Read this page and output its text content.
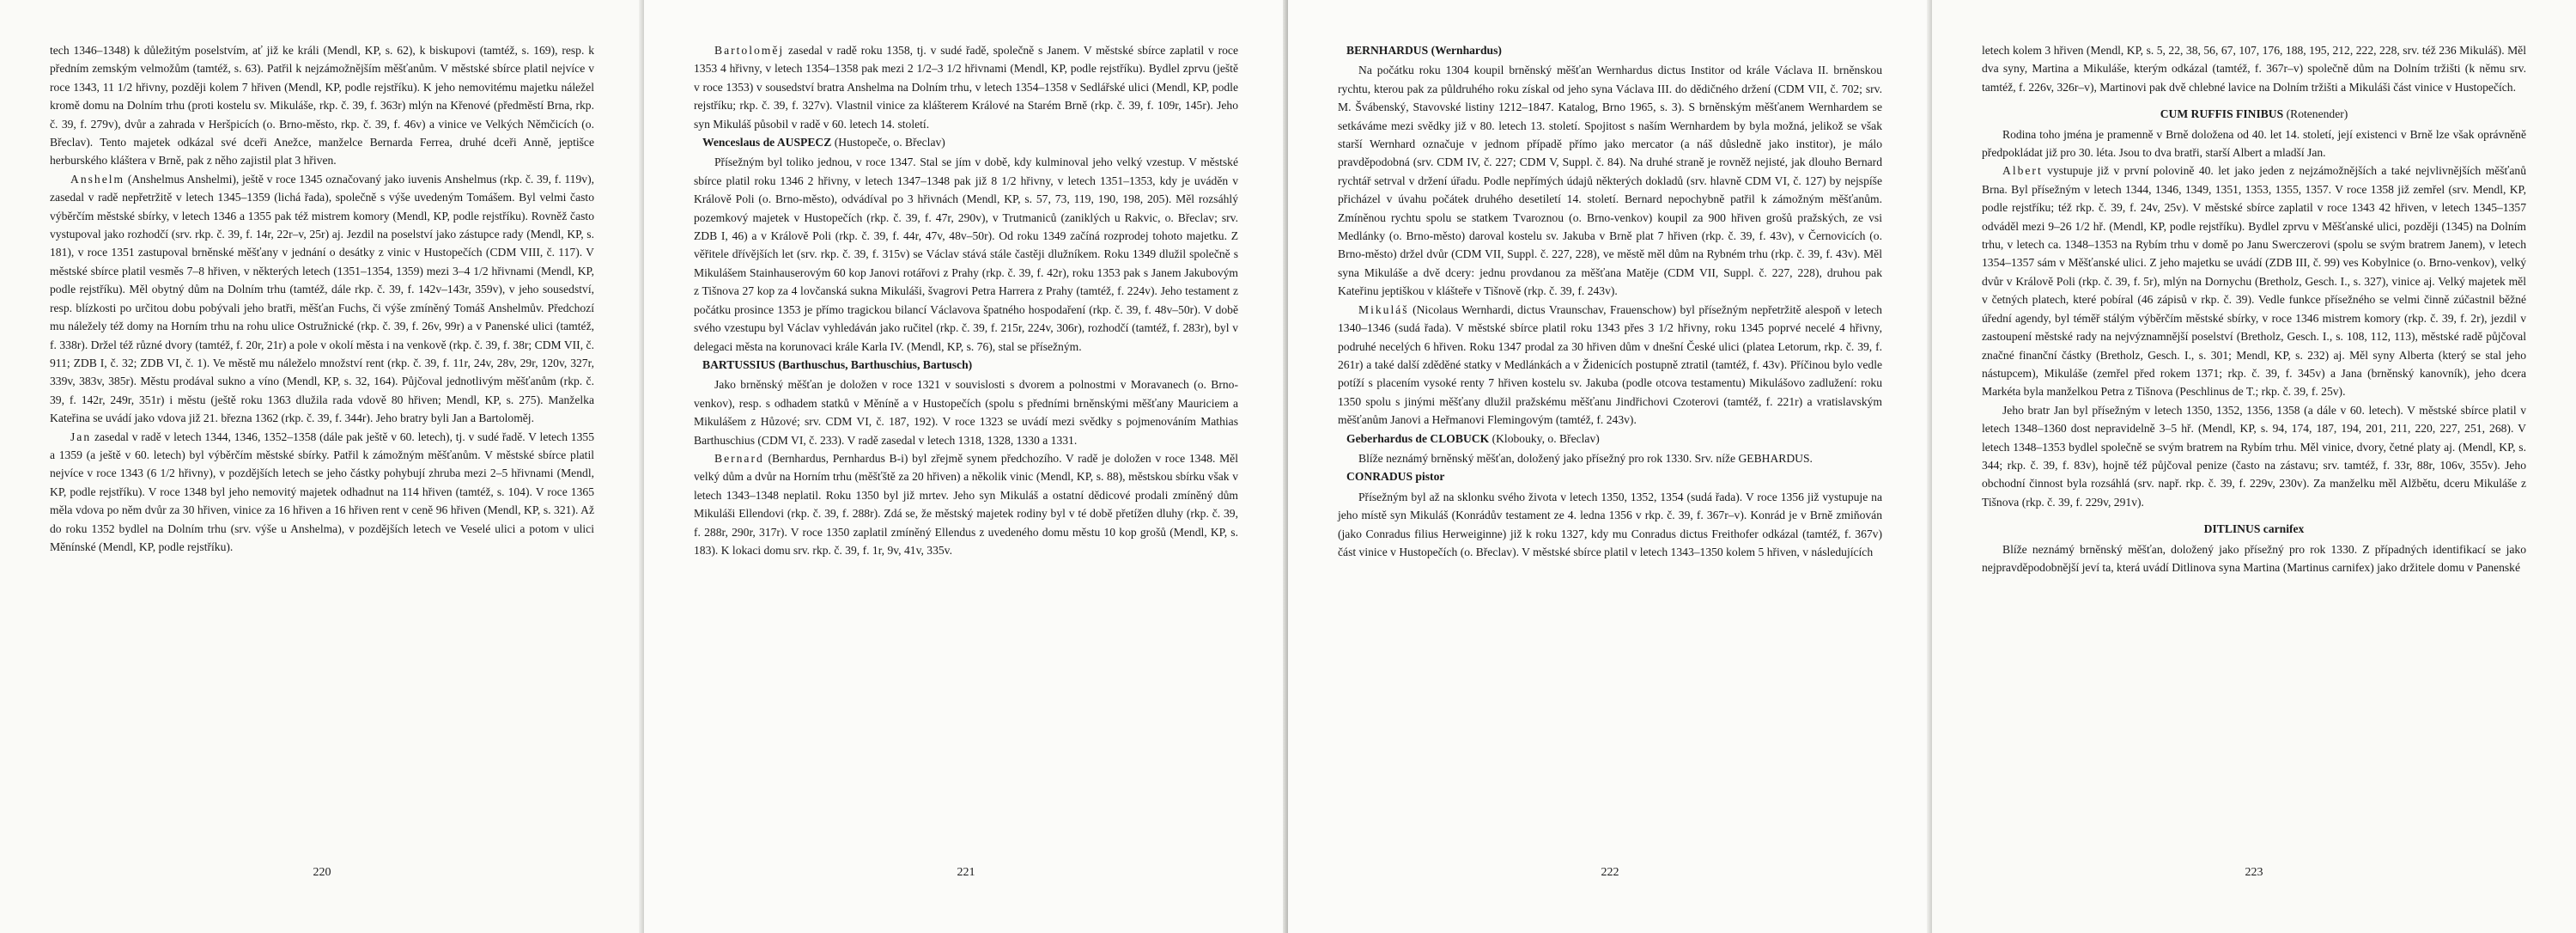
tech 1346–1348) k důležitým poselstvím, ať již ke králi (Mendl, KP, s. 62), k biskupovi (tamtéž, s. 169), resp. k předním zemským velmožům (tamtéž, s. 63). Patřil k nejzámožnějším měšťanům. V městské sbírce platil nejvíce v roce 1343, 11 1/2 hřivny, později kolem 7 hřiven (Mendl, KP, podle rejstříku). K jeho nemovitému majetku náležel kromě domu na Dolním trhu (proti kostelu sv. Mikuláše, rkp. č. 39, f. 363r) mlýn na Křenové (předměstí Brna, rkp. č. 39, f. 279v), dvůr a zahrada v Heršpicích (o. Brno-město, rkp. č. 39, f. 46v) a vinice ve Velkých Němčicích (o. Břeclav). Tento majetek odkázal své dceři Anežce, manželce Bernarda Ferrea, druhé dceři Anně, jeptišce herburského kláštera v Brně, pak z něho zajistil plat 3 hřiven.

Anshelm (Anshelmus Anshelmi), ještě v roce 1345 označovaný jako iuvenis Anshelmus (rkp. č. 39, f. 119v), zasedal v radě nepřetržitě v letech 1345–1359 (lichá řada), společně s výše uvedeným Tomášem. Byl velmi často výběrčím městské sbírky, v letech 1346 a 1355 pak též mistrem komory (Mendl, KP, podle rejstříku). Rovněž často vystupoval jako rozhodčí (srv. rkp. č. 39, f. 14r, 22r–v, 25r) aj. Jezdil na poselství jako zástupce rady (Mendl, KP, s. 181), v roce 1351 zastupoval brněnské měšťany v jednání o desátky z vinic v Hustopečích (CDM VIII, č. 117). V městské sbírce platil vesměs 7–8 hřiven, v některých letech (1351–1354, 1359) mezi 3–4 1/2 hřivnami (Mendl, KP, podle rejstříku). Měl obytný dům na Dolním trhu (tamtéž, dále rkp. č. 39, f. 142v–143r, 359v), v jeho sousedství, resp. blízkosti po určitou dobu pobývali jeho bratři, měšťan Fuchs, či výše zmíněný Tomáš Anshelmův. Předchozí mu náležely též domy na Horním trhu na rohu ulice Ostružnické (rkp. č. 39, f. 26v, 99r) a v Panenské ulici (tamtéž, f. 338r). Držel též různé dvory (tamtéž, f. 20r, 21r) a pole v okolí města i na venkově (rkp. č. 39, f. 38r; CDM VII, č. 911; ZDB I, č. 32; ZDB VI, č. 1). Ve městě mu náleželo množství rent (rkp. č. 39, f. 11r, 24v, 28v, 29r, 120v, 327r, 339v, 383v, 385r). Městu prodával sukno a víno (Mendl, KP, s. 32, 164). Půjčoval jednotlivým měšťanům (rkp. č. 39, f. 142r, 249r, 351r) i městu (ještě roku 1363 dlužila rada vdově 80 hřiven; Mendl, KP, s. 275). Manželka Kateřina se uvádí jako vdova již 21. března 1362 (rkp. č. 39, f. 344r). Jeho bratry byli Jan a Bartoloměj.

Jan zasedal v radě v letech 1344, 1346, 1352–1358 (dále pak ještě v 60. letech), tj. v sudé řadě. V letech 1355 a 1359 (a ještě v 60. letech) byl výběrčím městské sbírky. Patřil k zámožným měšťanům. V městské sbírce platil nejvíce v roce 1343 (6 1/2 hřivny), v pozdějších letech se jeho částky pohybují zhruba mezi 2–5 hřivnami (Mendl, KP, podle rejstříku). V roce 1348 byl jeho nemovitý majetek odhadnut na 114 hřiven (tamtéž, s. 104). V roce 1365 měla vdova po něm dvůr za 30 hřiven, vinice za 16 hřiven a 16 hřiven rent v ceně 96 hřiven (Mendl, KP, s. 321). Až do roku 1352 bydlel na Dolním trhu (srv. výše u Anshelma), v pozdějších letech ve Veselé ulici a potom v ulici Měnínské (Mendl, KP, podle rejstříku).

220

Bartoloměj zasedal v radě roku 1358, tj. v sudé řadě, společně s Janem. V městské sbírce zaplatil v roce 1353 4 hřivny, v letech 1354–1358 pak mezi 2 1/2–3 1/2 hřivnami (Mendl, KP, podle rejstříku). Bydlel zprvu (ještě v roce 1353) v sousedství bratra Anshelma na Dolním trhu, v letech 1354–1358 v Sedlářské ulici (Mendl, KP, podle rejstříku; rkp. č. 39, f. 327v). Vlastnil vinice za klášterem Králové na Starém Brně (rkp. č. 39, f. 109r, 145r). Jeho syn Mikuláš působil v radě v 60. letech 14. století.

Wenceslaus de AUSPECZ (Hustopeče, o. Břeclav)

Přísežným byl toliko jednou, v roce 1347. Stal se jím v době, kdy kulminoval jeho velký vzestup. V městské sbírce platil roku 1346 2 hřivny, v letech 1347–1348 pak již 8 1/2 hřivny, v letech 1351–1353, kdy je uváděn v Králově Poli (o. Brno-město), odvádíval po 3 hřivnách (Mendl, KP, s. 57, 73, 119, 190, 198, 205). Měl rozsáhlý pozemkový majetek v Hustopečích (rkp. č. 39, f. 47r, 290v), v Trutmaniců (zaniklých u Rakvic, o. Břeclav; srv. ZDB I, 46) a v Králově Poli (rkp. č. 39, f. 44r, 47v, 48v–50r). Od roku 1349 začíná rozprodej tohoto majetku. Z věřitele dřívějších let (srv. rkp. č. 39, f. 315v) se Václav stává stále častěji dlužníkem. Roku 1349 dlužil společně s Mikulášem Stainhauserovým 60 kop Janovi rotářovi z Prahy (rkp. č. 39, f. 42r), roku 1353 pak s Janem Jakubovým z Tišnova 27 kop za 4 lovčanská sukna Mikuláši, švagrovi Petra Harrera z Prahy (tamtéž, f. 224v). Jeho testament z počátku prosince 1353 je přímo tragickou bilancí Václavova špatného hospodaření (rkp. č. 39, f. 48v–50r). V době svého vzestupu byl Václav vyhledáván jako ručitel (rkp. č. 39, f. 215r, 224v, 306r), rozhodčí (tamtéž, f. 283r), byl v delegaci města na korunovaci krále Karla IV. (Mendl, KP, s. 76), stal se přísežným.

BARTUSSIUS (Barthuschus, Barthuschius, Bartusch)

Jako brněnský měšťan je doložen v roce 1321 v souvislosti s dvorem a polnostmi v Moravanech (o. Brno-venkov), resp. s odhadem statků v Měníně a v Hustopečích (spolu s předními brněnskými měšťany Mauriciem a Mikulášem z Hůzové; srv. CDM VI, č. 187, 192). V roce 1323 se uvádí mezi svědky s pojmenováním Mathias Barthuschius (CDM VI, č. 233). V radě zasedal v letech 1318, 1328, 1330 a 1331.

Bernard (Bernhardus, Pernhardus B-i) byl zřejmě synem předchozího. V radě je doložen v roce 1348. Měl velký dům a dvůr na Horním trhu (měšťště za 20 hřiven) a několik vinic (Mendl, KP, s. 88), městskou sbírku však v letech 1343–1348 neplatil. Roku 1350 byl již mrtev. Jeho syn Mikuláš a ostatní dědicové prodali zmíněný dům Mikuláši Ellendovi (rkp. č. 39, f. 288r). Zdá se, že městský majetek rodiny byl v té době přetížen dluhy (rkp. č. 39, f. 288r, 290r, 317r). V roce 1350 zaplatil zmíněný Ellendus z uvedeného domu městu 10 kop grošů (Mendl, KP, s. 183). K lokaci domu srv. rkp. č. 39, f. 1r, 9v, 41v, 335v.

221
BERNHARDUS (Wernhardus)

Na počátku roku 1304 koupil brněnský měšťan Wernhardus dictus Institor od krále Václava II. brněnskou rychtu, kterou pak za půldruhého roku získal od jeho syna Václava III. do dědičného držení (CDM VII, č. 702; srv. M. Švábenský, Stavovské listiny 1212–1847. Katalog, Brno 1965, s. 3). S brněnským měšťanem Wernhardem se setkáváme mezi svědky již v 80. letech 13. století. Spojitost s naším Wernhardem by byla možná, jelikož se však starší Wernhard označuje v jednom případě přímo jako mercator (a náš důsledně jako institor), je málo pravděpodobná (srv. CDM IV, č. 227; CDM V, Suppl. č. 84). Na druhé straně je rovněž nejisté, jak dlouho Bernard rychtář setrval v držení úřadu. Podle nepřímých údajů některých dokladů (srv. hlavně CDM VI, č. 127) by nejspíše přicházel v úvahu počátek druhého desetiletí 14. století. Bernard nepochybně patřil k zámožným měšťanům. Zmíněnou rychtu spolu se statkem Tvaroznou (o. Brno-venkov) koupil za 900 hřiven grošů pražských, ze vsi Medlánky (o. Brno-město) daroval kostelu sv. Jakuba v Brně plat 7 hřiven (rkp. č. 39, f. 43v), v Černovicích (o. Brno-město) držel dvůr (CDM VII, Suppl. č. 227, 228), ve městě měl dům na Rybném trhu (rkp. č. 39, f. 43v). Měl syna Mikuláše a dvě dcery: jednu provdanou za měšťana Matěje (CDM VII, Suppl. č. 227, 228), druhou pak Kateřinu jeptiškou v klášteře v Tišnově (rkp. č. 39, f. 243v).

Mikuláš (Nicolaus Wernhardi, dictus Vraunschav, Frauenschow) byl přísežným nepřetržitě alespoň v letech 1340–1346 (sudá řada). V městské sbírce platil roku 1343 přes 3 1/2 hřivny, roku 1345 poprvé necelé 4 hřivny, podruhé necelých 6 hřiven. Roku 1347 prodal za 30 hřiven dům v dnešní České ulici (platea Letorum, rkp. č. 39, f. 261r) a také další zděděné statky v Medlánkách a v Židenicích postupně ztratil (tamtéž, f. 43v). Příčinou bylo vedle potíží s placením vysoké renty 7 hřiven kostelu sv. Jakuba (podle otcova testamentu) Mikulášovo zadlužení: roku 1350 spolu s jinými měšťany dlužil pražskému měšťanu Jindřichovi Czoterovi (tamtéž, f. 221r) a vratislavským měšťanům Janovi a Heřmanovi Flemingovým (tamtéž, f. 243v).

Geberhardus de CLOBUCK (Klobouky, o. Břeclav)

Blíže neznámý brněnský měšťan, doložený jako přísežný pro rok 1330. Srv. níže GEBHARDUS.

CONRADUS pistor

Přísežným byl až na sklonku svého života v letech 1350, 1352, 1354 (sudá řada). V roce 1356 již vystupuje na jeho místě syn Mikuláš (Konrádův testament ze 4. ledna 1356 v rkp. č. 39, f. 367r–v). Konrád je v Brně zmiňován (jako Conradus filius Herweiginne) již k roku 1327, kdy mu Conradus dictus Freithofer odkázal (tamtéž, f. 367v) část vinice v Hustopečích (o. Břeclav). V městské sbírce platil v letech 1343–1350 kolem 5 hřiven, v následujících

222

letech kolem 3 hřiven (Mendl, KP, s. 5, 22, 38, 56, 67, 107, 176, 188, 195, 212, 222, 228, srv. též 236 Mikuláš). Měl dva syny, Martina a Mikuláše, kterým odkázal (tamtéž, f. 367r–v) společně dům na Dolním tržišti (k němu srv. tamtéž, f. 226v, 326r–v), Martinovi pak dvě chlebné lavice na Dolním tržišti a Mikuláši část vinice v Hustopečích.

CUM RUFFIS FINIBUS (Rotenender)

Rodina toho jména je pramenně v Brně doložena od 40. let 14. století, její existenci v Brně lze však oprávněně předpokládat již pro 30. léta. Jsou to dva bratři, starší Albert a mladší Jan.

Albert vystupuje již v první polovině 40. let jako jeden z nejzámožnějších a také nejvlivnějších měšťanů Brna. Byl přísežným v letech 1344, 1346, 1349, 1351, 1353, 1355, 1357. V roce 1358 již zemřel (srv. Mendl, KP, podle rejstříku; též rkp. č. 39, f. 24v, 25v). V městské sbírce zaplatil v roce 1343 42 hřiven, v letech 1345–1357 odváděl mezi 9–26 1/2 hř. (Mendl, KP, podle rejstříku). Bydlel zprvu v Měšťanské ulici, později (1345) na Dolním trhu, v letech ca. 1348–1353 na Rybím trhu v domě po Janu Swerczerovi (spolu se svým bratrem Janem), v letech 1354–1357 sám v Měšťanské ulici. Z jeho majetku se uvádí (ZDB III, č. 99) ves Kobylnice (o. Brno-venkov), velký dvůr v Králově Poli (rkp. č. 39, f. 5r), mlýn na Dornychu (Bretholz, Gesch. I., s. 327), vinice aj. Velký majetek měl v četných platech, které pobíral (46 zápisů v rkp. č. 39). Vedle funkce přísežného se velmi činně zúčastnil běžné úřední agendy, byl téměř stálým výběrčím městské sbírky, v roce 1346 mistrem komory (rkp. č. 39, f. 2r), jezdil v zastoupení městské rady na nejvýznamnější poselství (Bretholz, Gesch. I., s. 108, 112, 113), městské radě půjčoval značné finanční částky (Bretholz, Gesch. I., s. 301; Mendl, KP, s. 232) aj. Měl syny Alberta (který se stal jeho nástupcem), Mikuláše (zemřel před rokem 1371; rkp. č. 39, f. 345v) a Jana (brněnský kanovník), jeho dcera Markéta byla manželkou Petra z Tišnova (Peschlinus de T.; rkp. č. 39, f. 25v).

Jeho bratr Jan byl přísežným v letech 1350, 1352, 1356, 1358 (a dále v 60. letech). V městské sbírce platil v letech 1348–1360 dost nepravidelně 3–5 hř. (Mendl, KP, s. 94, 174, 187, 194, 201, 211, 220, 227, 251, 268). V letech 1348–1353 bydlel společně se svým bratrem na Rybím trhu. Měl vinice, dvory, četné platy aj. (Mendl, KP, s. 344; rkp. č. 39, f. 83v), hojně též půjčoval penize (často na zástavu; srv. tamtéž, f. 33r, 88r, 106v, 355v). Jeho obchodní činnost byla rozsáhlá (srv. např. rkp. č. 39, f. 229v, 230v). Za manželku měl Alžbětu, dceru Mikuláše z Tišnova (rkp. č. 39, f. 229v, 291v).

DITLINUS carnifex

Blíže neznámý brněnský měšťan, doložený jako přísežný pro rok 1330. Z případných identifikací se jako nejpravděpodobnější jeví ta, která uvádí Ditlinova syna Martina (Martinus carnifex) jako držitele domu v Panenské

223
